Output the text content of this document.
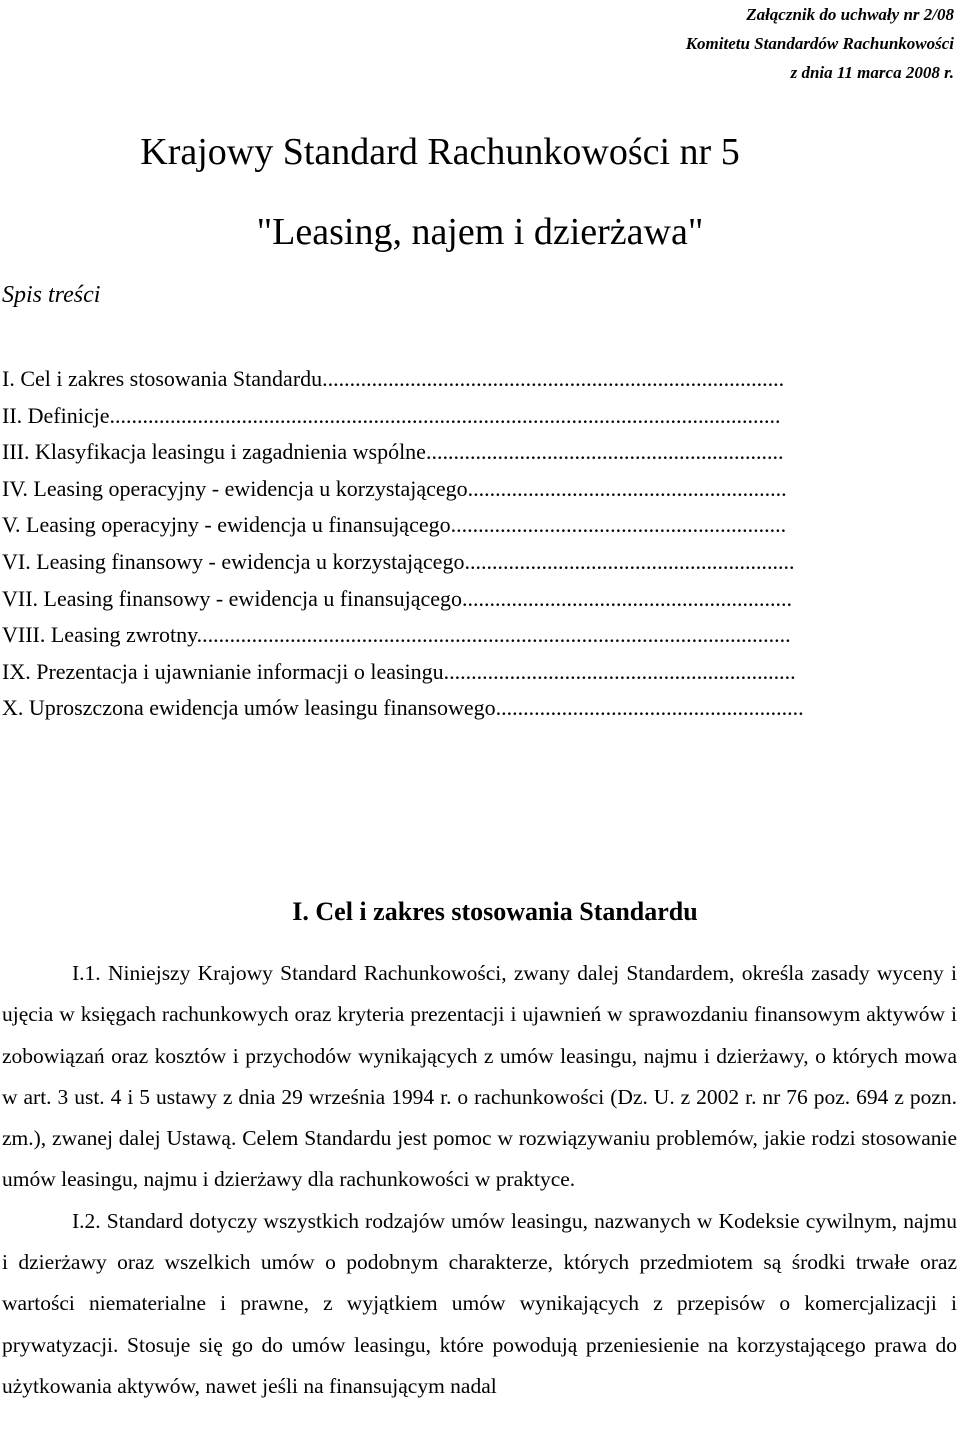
Załącznik do uchwały nr 2/08
Komitetu Standardów Rachunkowości
z dnia 11 marca 2008 r.
Krajowy Standard Rachunkowości nr 5
"Leasing, najem i dzierżawa"
Spis treści
I. Cel i zakres stosowania Standardu....................................................................................
II. Definicje..........................................................................................................................
III. Klasyfikacja leasingu i zagadnienia wspólne.................................................................
IV. Leasing operacyjny - ewidencja u korzystającego..........................................................
V. Leasing operacyjny - ewidencja u finansującego.............................................................
VI. Leasing finansowy - ewidencja u korzystającego............................................................
VII. Leasing finansowy - ewidencja u finansującego............................................................
VIII. Leasing zwrotny............................................................................................................
IX. Prezentacja i ujawnianie informacji o leasingu................................................................
X. Uproszczona ewidencja umów leasingu finansowego........................................................
I. Cel i zakres stosowania Standardu

I.1. Niniejszy Krajowy Standard Rachunkowości, zwany dalej Standardem, określa zasady wyceny i ujęcia w księgach rachunkowych oraz kryteria prezentacji i ujawnień w sprawozdaniu finansowym aktywów i zobowiązań oraz kosztów i przychodów wynikających z umów leasingu, najmu i dzierżawy, o których mowa w art. 3 ust. 4 i 5 ustawy z dnia 29 września 1994 r. o rachunkowości (Dz. U. z 2002 r. nr 76 poz. 694 z pozn. zm.), zwanej dalej Ustawą. Celem Standardu jest pomoc w rozwiązywaniu problemów, jakie rodzi stosowanie umów leasingu, najmu i dzierżawy dla rachunkowości w praktyce.

I.2. Standard dotyczy wszystkich rodzajów umów leasingu, nazwanych w Kodeksie cywilnym, najmu i dzierżawy oraz wszelkich umów o podobnym charakterze, których przedmiotem są środki trwałe oraz wartości niematerialne i prawne, z wyjątkiem umów wynikających z przepisów o komercjalizacji i prywatyzacji. Stosuje się go do umów leasingu, które powodują przeniesienie na korzystającego prawa do użytkowania aktywów, nawet jeśli na finansującym nadal
